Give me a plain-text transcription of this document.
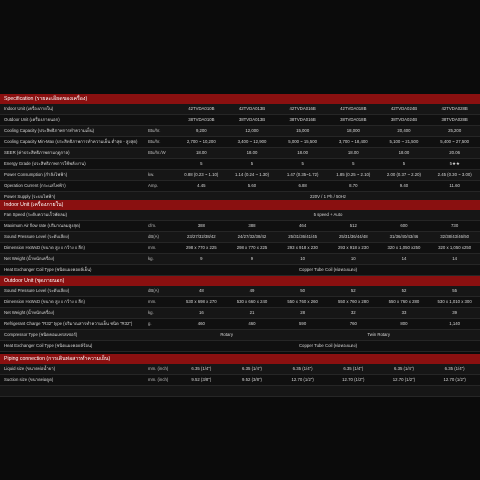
Specification (รายละเอียดของเครื่อง)
Indoor Unit (เครื่องภายใน)		42TVDA010B	42TVDA013B	42TVDA016B	42TVDA018B	42TVDA024B	42TVDA028B
Outdoor Unit (เครื่องภายนอก)		38TVDA010B	38TVDA013B	38TVDA016B	38TVDA018B	38TVDA024B	38TVDA028B
Cooling Capacity (ประสิทธิภาพการทำความเย็น)	Btu/hr.	9,200	12,000	15,000	18,000	20,400	25,200
Cooling Capacity Min-Max (ประสิทธิภาพการทำความเย็น ต่ำสุด - สูงสุด)	Btu/hr.	2,700 ~ 10,200	3,400 ~ 12,900	5,000 ~ 15,500	3,700 ~ 18,400	5,100 ~ 21,500	5,400 ~ 27,500
SEER (ค่าประสิทธิภาพตามฤดูกาล)	Btu/hr./W	18.00	18.00	18.00	18.00	18.00	20.06
Energy Grade (ประสิทธิภาพการใช้พลังงาน)		5	5	5	5	5	5★★
Power Consumption (กำลังไฟฟ้า)	kw.	0.88 (0.23 ~ 1.10)	1.14 (0.24 ~ 1.30)	1.47 (0.35~1.72)	1.85 (0.25 ~ 2.10)	2.00 (0.37 ~ 2.20)	2.45 (0.30 ~ 3.00)
Operation Current (กระแสไฟฟ้า)	Amp.	4.45	5.60	6.88	8.70	9.40	11.60
Power Supply (ระบบไฟฟ้า)		220V / 1 Ph / 50Hz					
Indoor Unit (เครื่องภายใน)
Fan Speed (ระดับความเร็วพัดลม)		5 speed + Auto					
Maximum Air flow rate (ปริมาณลมสูงสุด)	cfm.	388	388	464	512	600	730
Sound Pressure Level (ระดับเสียง)	dB(A)	23/27/32/38/42	24/27/32/38/42	25/31/36/41/45	25/31/36/44/48	31/36/40/43/46	32/38/43/46/50
Dimension HxWxD (ขนาด สูง x กว้าง x ลึก)	mm.	298 x 770 x 225	298 x 770 x 225	293 x 918 x 230	293 x 918 x 230	320 x 1,050 x250	320 x 1,050 x250
Net Weight (น้ำหนักเครื่อง)	kg.	9	9	10	10	14	14
Heat Exchanger Coil Type (ชนิดแผงคอยล์เย็น)		Copper Tube Coil (ท่อทองแดง)					
Outdoor Unit (ชุดภายนอก)
Sound Pressure Level (ระดับเสียง)	dB(A)	48	49	50	52	52	55
Dimension HxWxD (ขนาด สูง x กว้าง x ลึก)	mm.	530 x 698 x 270	530 x 660 x 240	550 x 760 x 260	550 x 760 x 280	550 x 760 x 280	530 x 1,010 x 300
Net Weight (น้ำหนักเครื่อง)	kg.	16	21	28	32	33	39
Refrigerant Charge "R32" type (ปริมาณสารทำความเย็น ชนิด "R32")	g.	460	460	590	760	800	1,140
Compressor Type (ชนิดคอมเพรสเซอร์)		Rotary		Twin Rotary			
Heat Exchanger Coil Type (ชนิดแผงคอยล์ร้อน)		Copper Tube Coil (ท่อทองแดง)					
Piping connection (การเดินท่อสารทำความเย็น)
Liquid size (ขนาดท่อน้ำยา)	mm. (inch)	6.35 (1/4")	6.35 (1/4")	6.35 (1/4")	6.35 (1/4")	6.35 (1/4")	6.35 (1/4")
Suction size (ขนาดท่อดูด)	mm. (inch)	9.52 (3/8")	9.52 (3/8")	12.70 (1/2")	12.70 (1/2")	12.70 (1/2")	12.70 (1/2")
